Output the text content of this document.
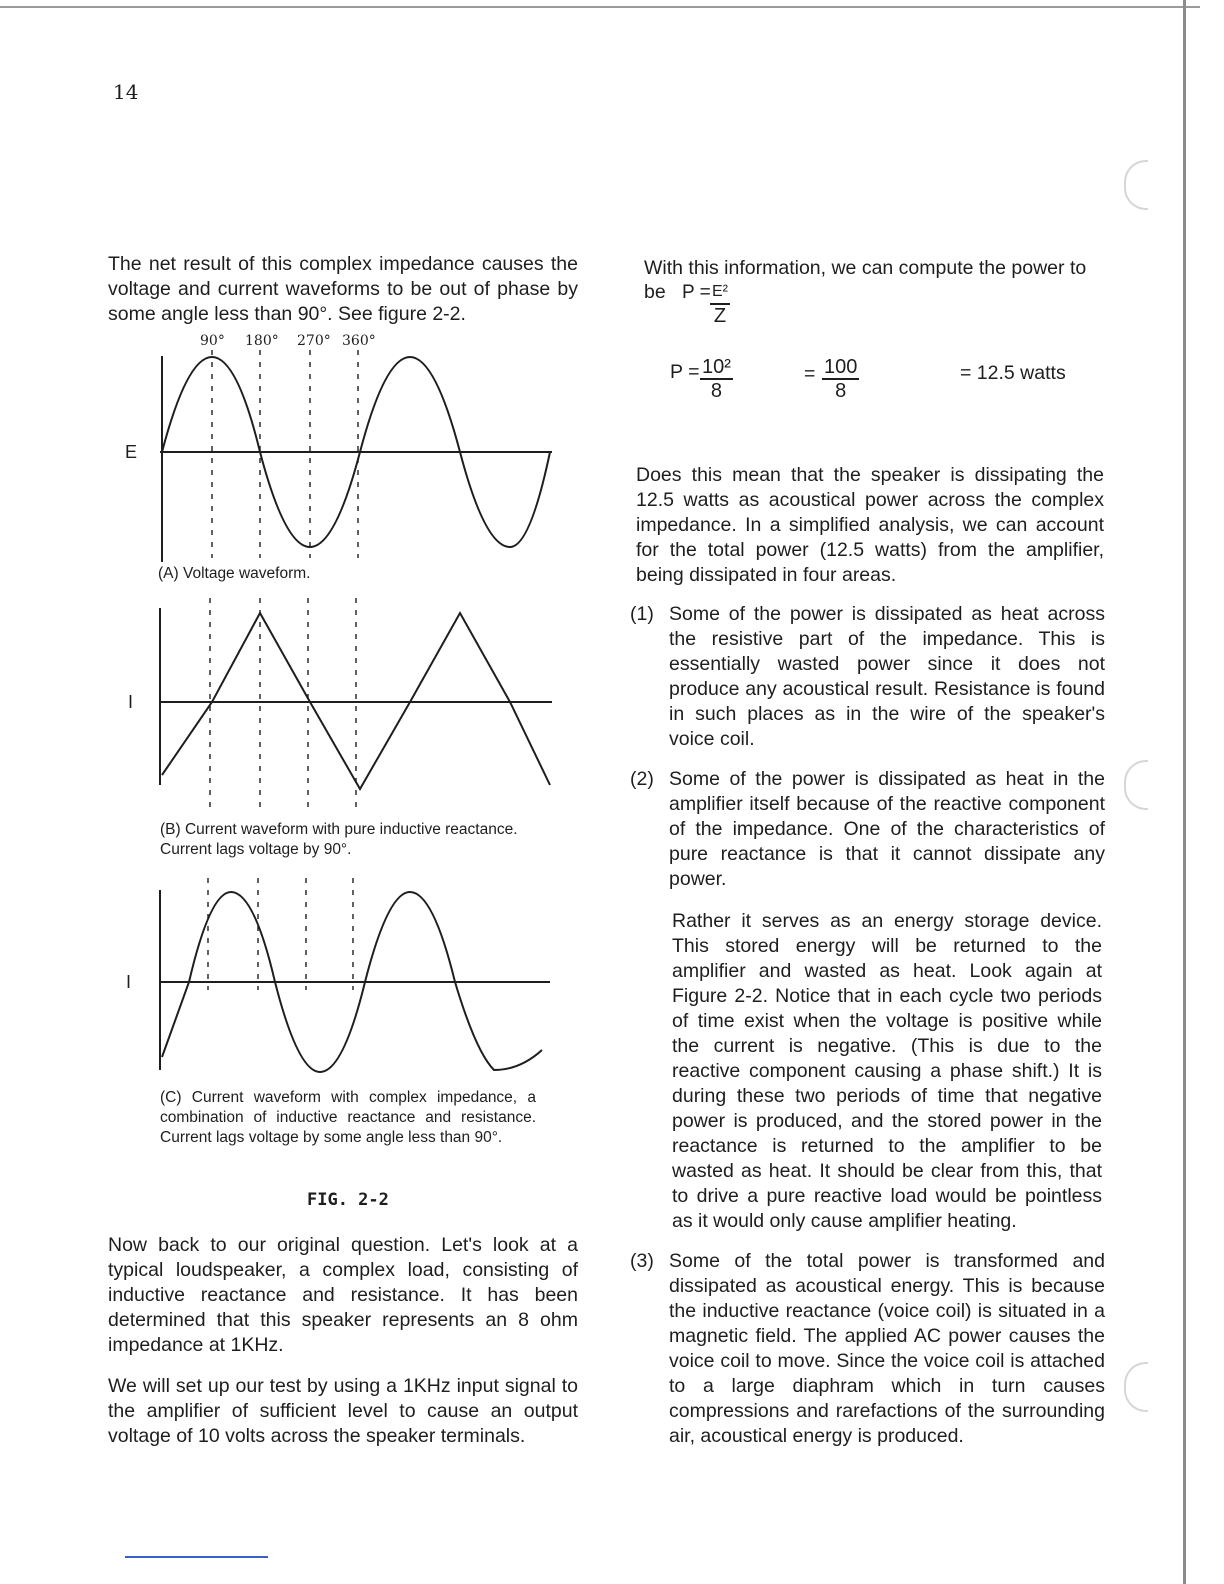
14

The net result of this complex impedance causes the voltage and current waveforms to be out of phase by some angle less than 90°. See figure 2-2.

90° 180° 270° 360°
E
I
I

(A) Voltage waveform.

(B) Current waveform with pure inductive reactance. Current lags voltage by 90°.

(C) Current waveform with complex impedance, a combination of inductive reactance and resistance. Current lags voltage by some angle less than 90°.

FIG. 2-2

Now back to our original question. Let's look at a typical loudspeaker, a complex load, consisting of inductive reactance and resistance. It has been determined that this speaker represents an 8 ohm impedance at 1KHz.

We will set up our test by using a 1KHz input signal to the amplifier of sufficient level to cause an output voltage of 10 volts across the speaker terminals.

With this information, we can compute the power to

be P = E²
Z
$P = \frac{\text{10²}}{8}$	= $\frac{100}{8}$	= 12.5 watts

Does this mean that the speaker is dissipating the 12.5 watts as acoustical power across the complex impedance. In a simplified analysis, we can account for the total power (12.5 watts) from the amplifier, being dissipated in four areas.

(1) Some of the power is dissipated as heat across the resistive part of the impedance. This is essentially wasted power since it does not produce any acoustical result. Resistance is found in such places as in the wire of the speaker's voice coil.

(2) Some of the power is dissipated as heat in the amplifier itself because of the reactive component of the impedance. One of the characteristics of pure reactance is that it cannot dissipate any power.

Rather it serves as an energy storage device. This stored energy will be returned to the amplifier and wasted as heat. Look again at Figure 2-2. Notice that in each cycle two periods of time exist when the voltage is positive while the current is negative. (This is due to the reactive component causing a phase shift.) It is during these two periods of time that negative power is produced, and the stored power in the reactance is returned to the amplifier to be wasted as heat. It should be clear from this, that to drive a pure reactive load would be pointless as it would only cause amplifier heating.

(3) Some of the total power is transformed and dissipated as acoustical energy. This is because the inductive reactance (voice coil) is situated in a magnetic field. The applied AC power causes the voice coil to move. Since the voice coil is attached to a large diaphram which in turn causes compressions and rarefactions of the surrounding air, acoustical energy is produced.
